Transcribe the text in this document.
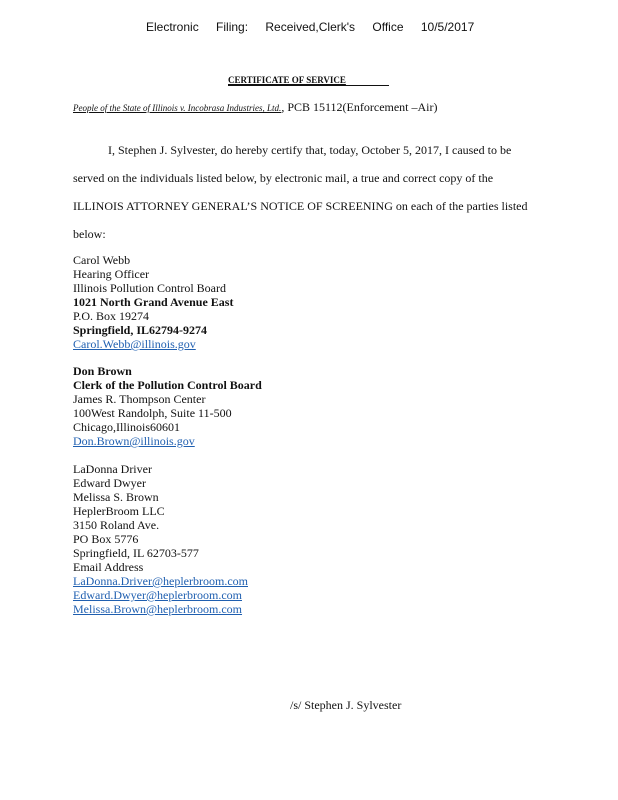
Electronic Filing: Received,Clerk's Office 10/5/2017
CERTIFICATE OF SERVICE
People of the State of Illinois v. Incobrasa Industries, Ltd., PCB 15112(Enforcement –Air)
I, Stephen J. Sylvester, do hereby certify that, today, October 5, 2017, I caused to be
served on the individuals listed below, by electronic mail, a true and correct copy of the
ILLINOIS ATTORNEY GENERAL’S NOTICE OF SCREENING on each of the parties listed
below:
Carol Webb
Hearing Officer
Illinois Pollution Control Board
1021 North Grand Avenue East
P.O. Box 19274
Springfield, IL62794-9274
Carol.Webb@illinois.gov
Don Brown
Clerk of the Pollution Control Board
James R. Thompson Center
100West Randolph, Suite 11-500
Chicago,Illinois60601
Don.Brown@illinois.gov
LaDonna Driver
Edward Dwyer
Melissa S. Brown
HeplerBroom LLC
3150 Roland Ave.
PO Box 5776
Springfield, IL 62703-577
Email Address
LaDonna.Driver@heplerbroom.com
Edward.Dwyer@heplerbroom.com
Melissa.Brown@heplerbroom.com
/s/ Stephen J. Sylvester
